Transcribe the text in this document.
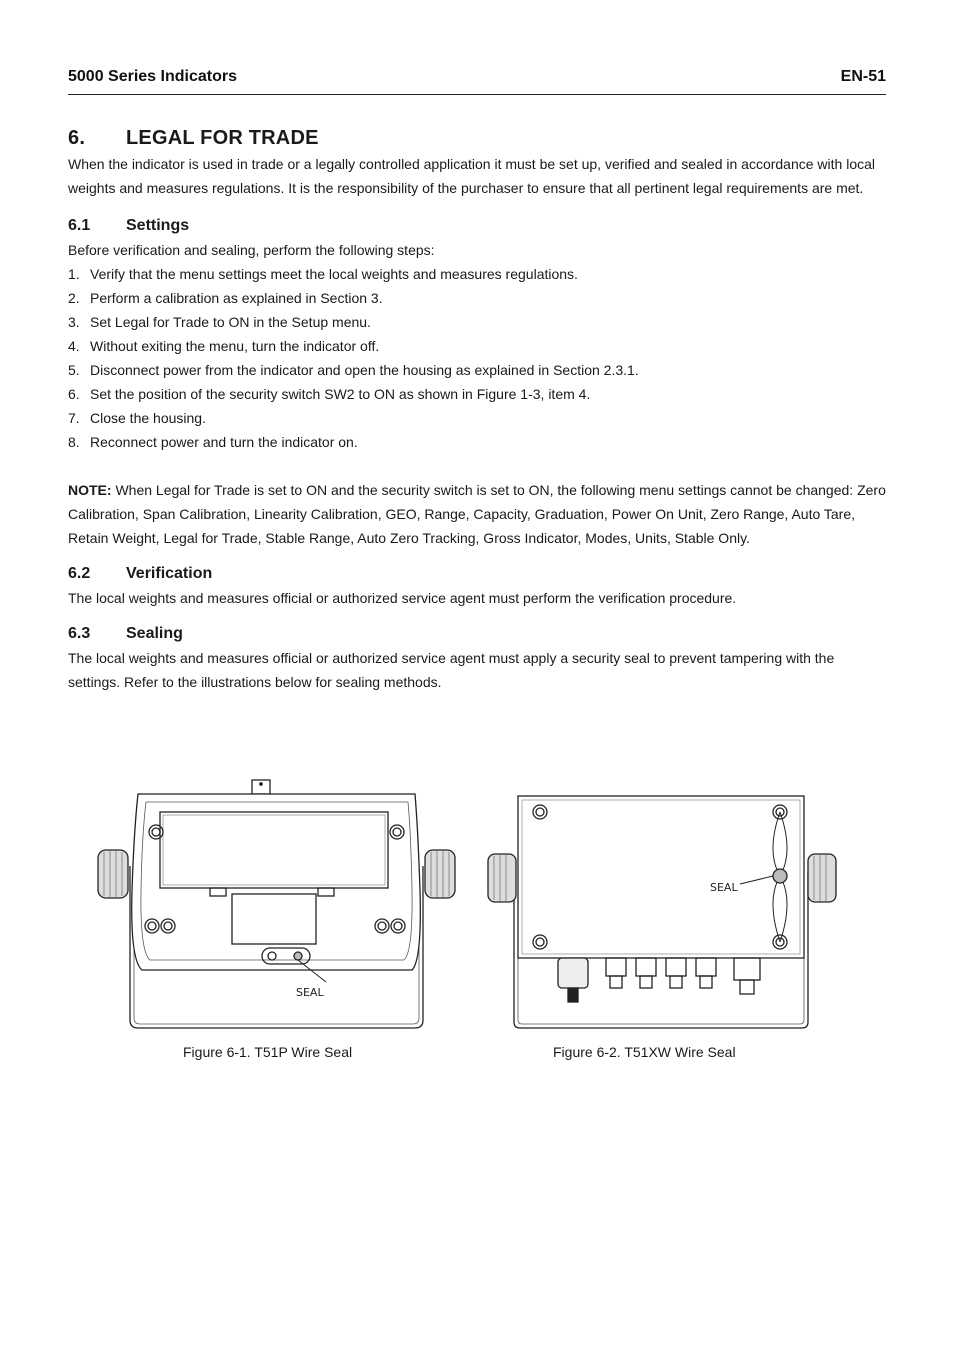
5000 Series Indicators	EN-51
6. LEGAL FOR TRADE

When the indicator is used in trade or a legally controlled application it must be set up, verified and sealed in accordance with local weights and measures regulations. It is the responsibility of the purchaser to ensure that all pertinent legal requirements are met.

6.1 Settings

Before verification and sealing, perform the following steps:

1. Verify that the menu settings meet the local weights and measures regulations.
2. Perform a calibration as explained in Section 3.
3. Set Legal for Trade to ON in the Setup menu.
4. Without exiting the menu, turn the indicator off.
5. Disconnect power from the indicator and open the housing as explained in Section 2.3.1.
6. Set the position of the security switch SW2 to ON as shown in Figure 1-3, item 4.
7. Close the housing.
8. Reconnect power and turn the indicator on.

NOTE: When Legal for Trade is set to ON and the security switch is set to ON, the following menu settings cannot be changed: Zero Calibration, Span Calibration, Linearity Calibration, GEO, Range, Capacity, Graduation, Power On Unit, Zero Range, Auto Tare, Retain Weight, Legal for Trade, Stable Range, Auto Zero Tracking, Gross Indicator, Modes, Units, Stable Only.

6.2 Verification

The local weights and measures official or authorized service agent must perform the verification procedure.

6.3 Sealing

The local weights and measures official or authorized service agent must apply a security seal to prevent tampering with the settings. Refer to the illustrations below for sealing methods.

SEAL
Figure 6-1. T51P Wire Seal
SEAL
Figure 6-2. T51XW Wire Seal
